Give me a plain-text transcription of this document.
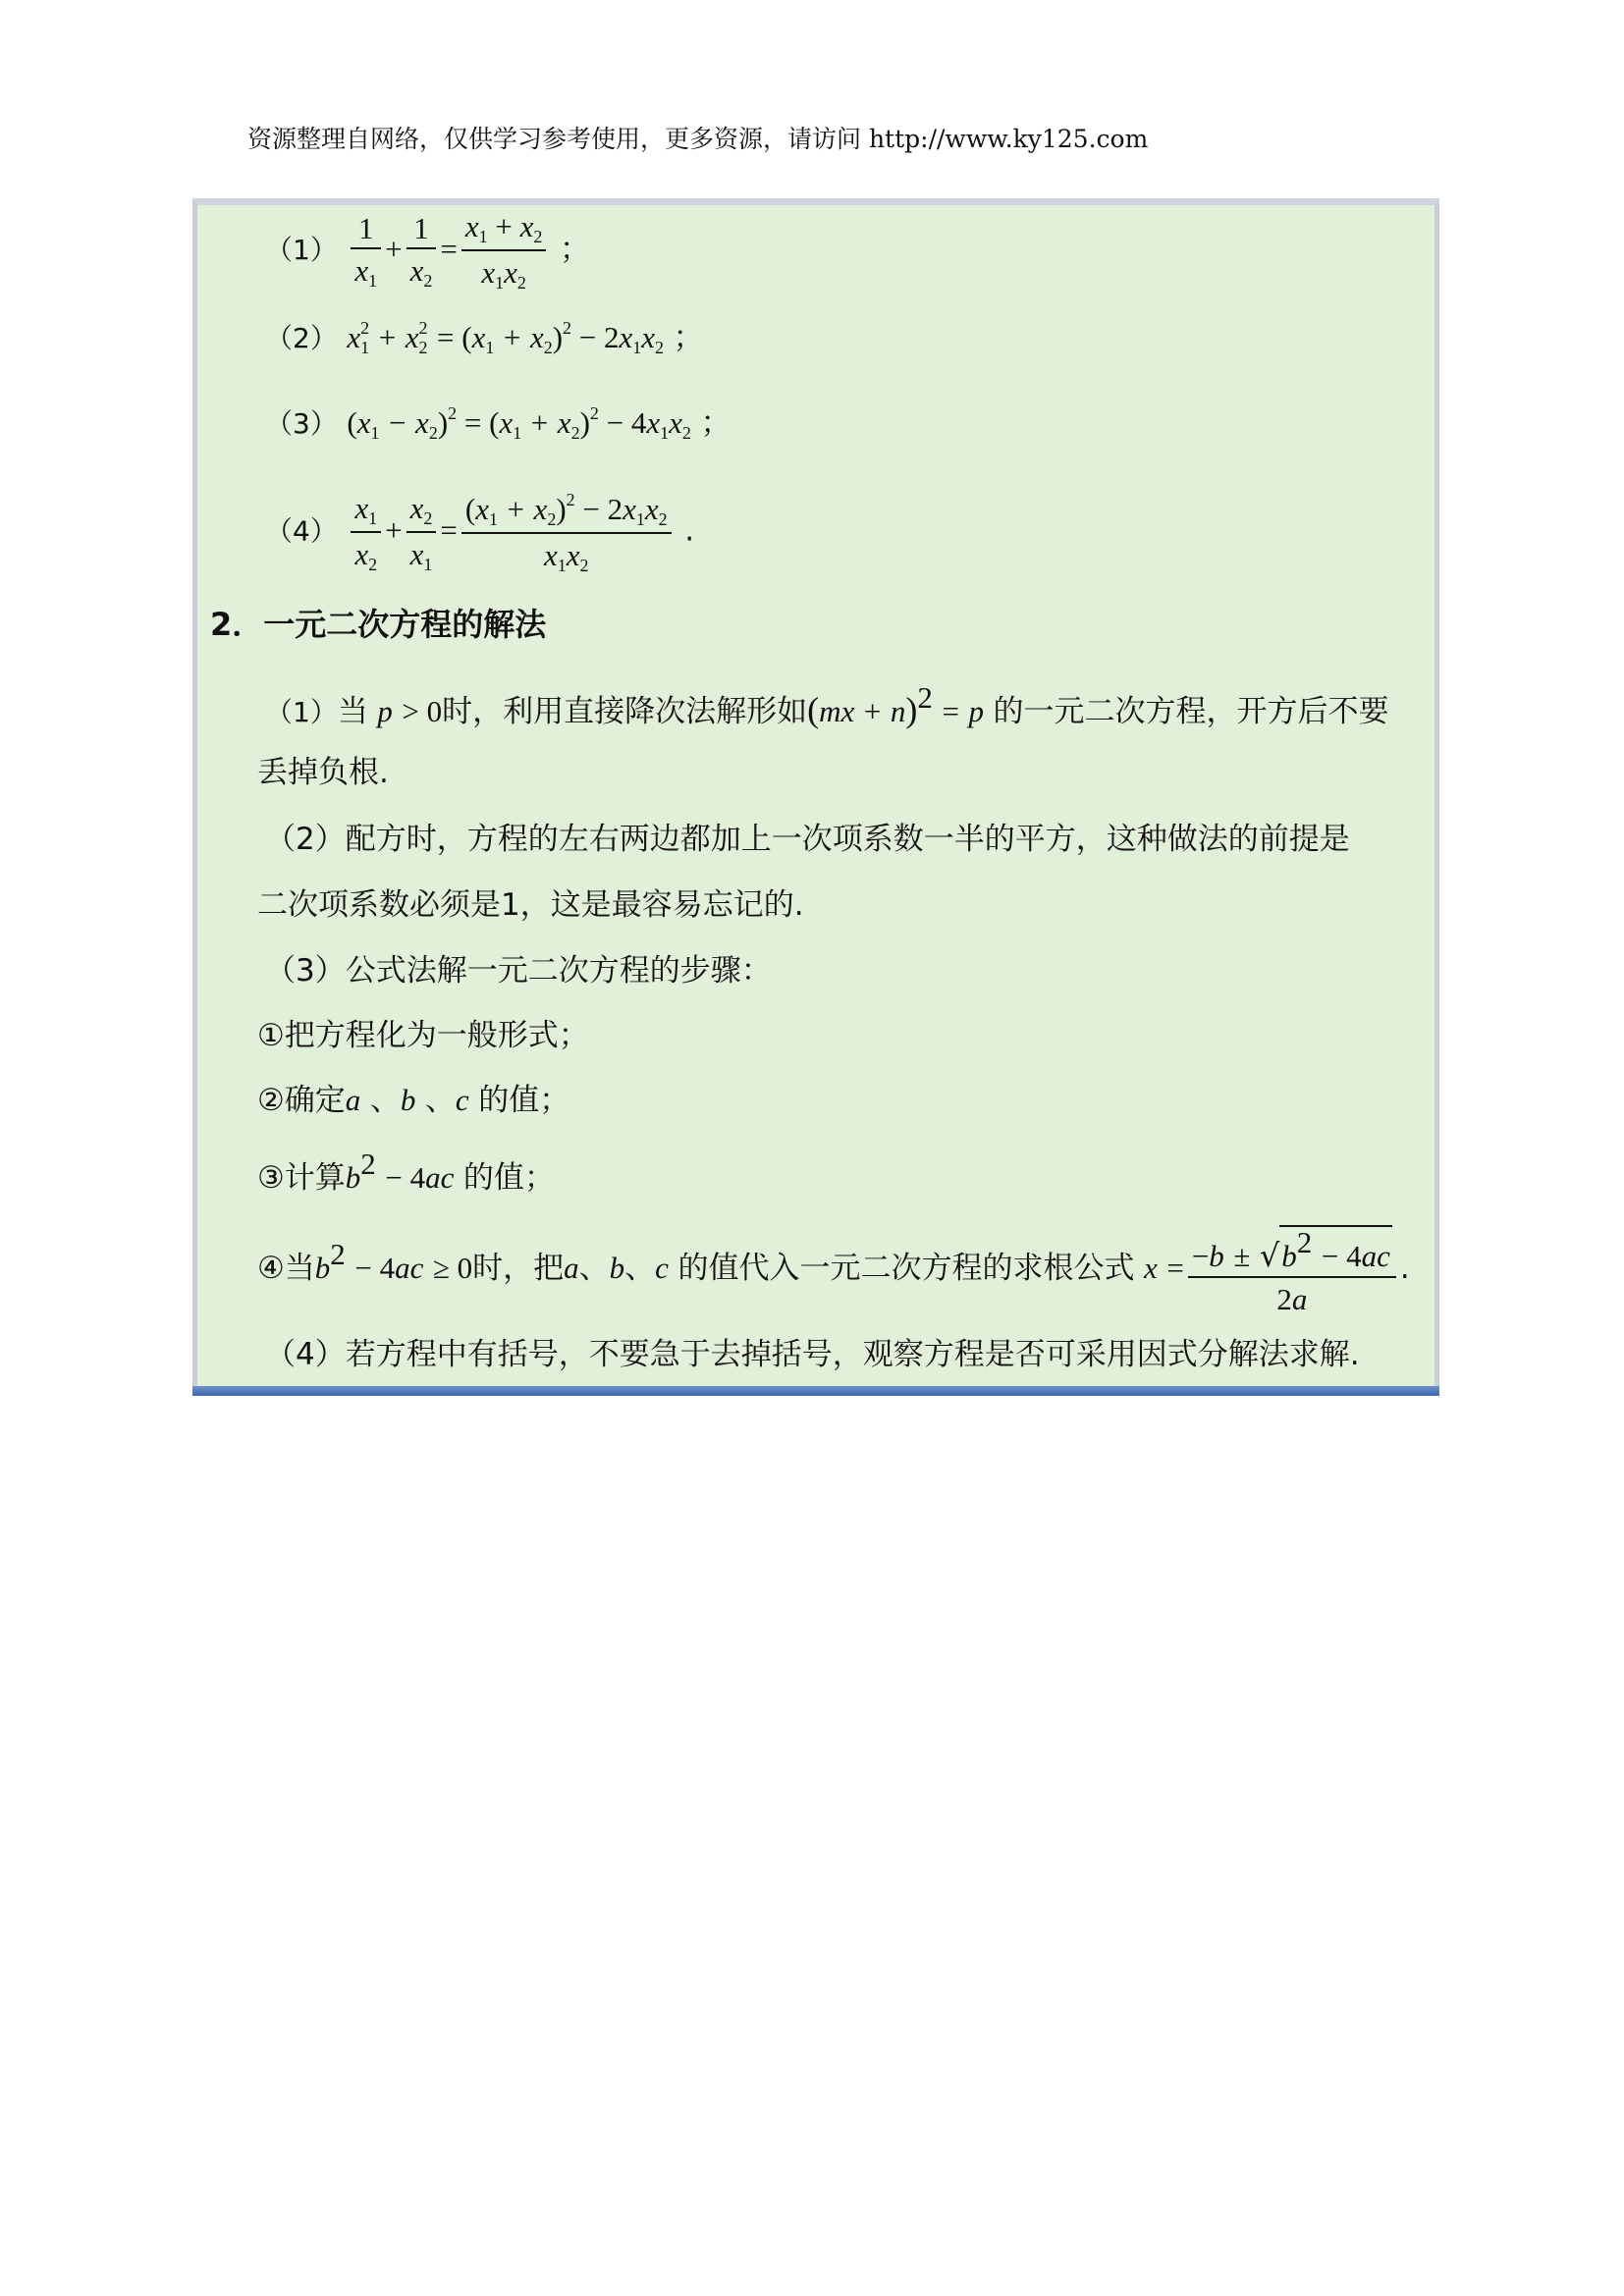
资源整理自网络，仅供学习参考使用，更多资源，请访问 http://www.ky125.com
$(1) \frac{1}{x_1} + \frac{1}{x_2} = \frac{x_1 + x_2}{x_1x_2}$ ；
（2） $x_1^2 + x_2^2 = (x_1 + x_2)^2 - 2x_1x_2$ ；
（3） $(x_1 - x_2)^2 = (x_1 + x_2)^2 - 4x_1x_2$ ；
$(4) \frac{x_1}{x_2} + \frac{x_2}{x_1} = \frac{(x_1 + x_2)^2 - 2x_1x_2}{x_1x_2}$ .
2．一元二次方程的解法
（1）当 p > 0时，利用直接降次法解形如(mx + n)$^2$ = p 的一元二次方程，开方后不要
丢掉负根.
（2）配方时，方程的左右两边都加上一次项系数一半的平方，这种做法的前提是
二次项系数必须是1，这是最容易忘记的.
（3）公式法解一元二次方程的步骤：
①把方程化为一般形式；
②确定a 、b 、c 的值；
③计算$b^2 - 4ac$ 的值；
④当$b^2 - 4ac \ge 0$时，把a、b、c 的值代入一元二次方程的求根公式 $x = \frac{-b \pm √b^2 - 4ac}{2a}$ .
（4）若方程中有括号，不要急于去掉括号，观察方程是否可采用因式分解法求解.
